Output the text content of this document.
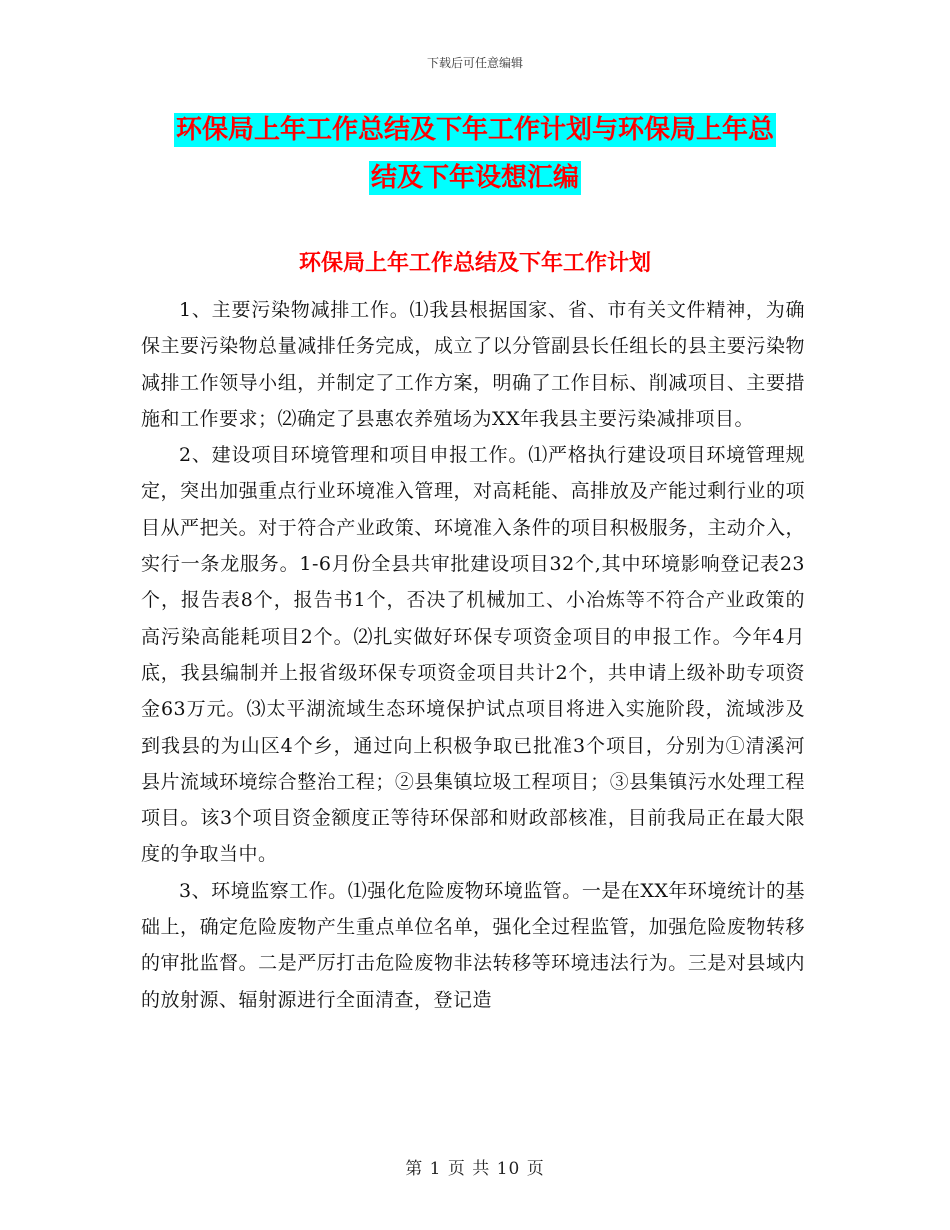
下载后可任意编辑
环保局上年工作总结及下年工作计划与环保局上年总
结及下年设想汇编
环保局上年工作总结及下年工作计划

1、主要污染物减排工作。⑴我县根据国家、省、市有关文件精神，为确保主要污染物总量减排任务完成，成立了以分管副县长任组长的县主要污染物减排工作领导小组，并制定了工作方案，明确了工作目标、削减项目、主要措施和工作要求；⑵确定了县惠农养殖场为XX年我县主要污染减排项目。

2、建设项目环境管理和项目申报工作。⑴严格执行建设项目环境管理规定，突出加强重点行业环境准入管理，对高耗能、高排放及产能过剩行业的项目从严把关。对于符合产业政策、环境准入条件的项目积极服务，主动介入，实行一条龙服务。1-6月份全县共审批建设项目32个,其中环境影响登记表23个，报告表8个，报告书1个，否决了机械加工、小冶炼等不符合产业政策的高污染高能耗项目2个。⑵扎实做好环保专项资金项目的申报工作。今年4月底，我县编制并上报省级环保专项资金项目共计2个，共申请上级补助专项资金63万元。⑶太平湖流域生态环境保护试点项目将进入实施阶段，流域涉及到我县的为山区4个乡，通过向上积极争取已批准3个项目，分别为①清溪河县片流域环境综合整治工程；②县集镇垃圾工程项目；③县集镇污水处理工程项目。该3个项目资金额度正等待环保部和财政部核准，目前我局正在最大限度的争取当中。

3、环境监察工作。⑴强化危险废物环境监管。一是在XX年环境统计的基础上，确定危险废物产生重点单位名单，强化全过程监管，加强危险废物转移的审批监督。二是严厉打击危险废物非法转移等环境违法行为。三是对县域内的放射源、辐射源进行全面清查，登记造

第 1 页 共 10 页
